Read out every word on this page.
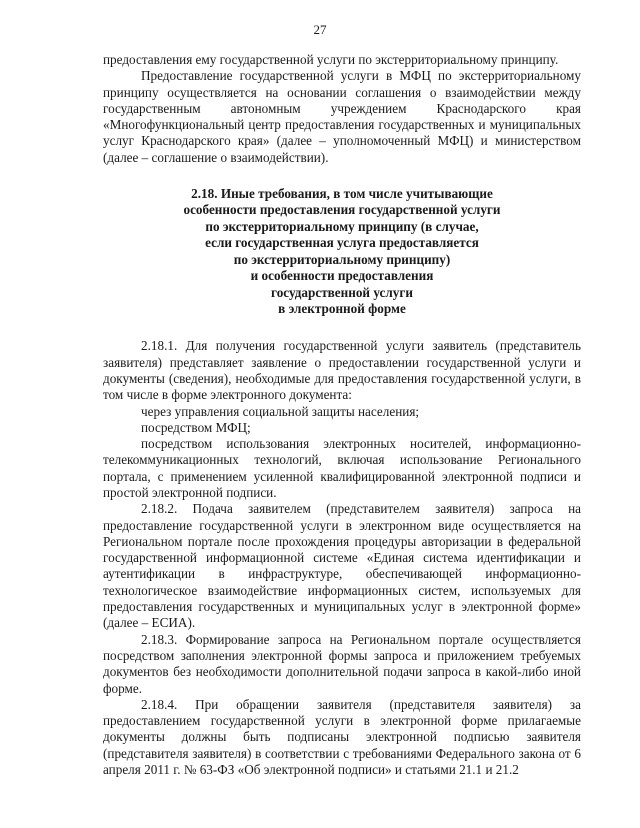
27

предоставления ему государственной услуги по экстерриториальному принципу.

Предоставление государственной услуги в МФЦ по экстерриториальному принципу осуществляется на основании соглашения о взаимодействии между государственным автономным учреждением Краснодарского края «Многофункциональный центр предоставления государственных и муниципальных услуг Краснодарского края» (далее – уполномоченный МФЦ) и министерством (далее – соглашение о взаимодействии).

2.18. Иные требования, в том числе учитывающие
особенности предоставления государственной услуги
по экстерриториальному принципу (в случае,
если государственная услуга предоставляется
по экстерриториальному принципу)
и особенности предоставления
государственной услуги
в электронной форме

2.18.1. Для получения государственной услуги заявитель (представитель заявителя) представляет заявление о предоставлении государственной услуги и документы (сведения), необходимые для предоставления государственной услуги, в том числе в форме электронного документа:

через управления социальной защиты населения;

посредством МФЦ;

посредством использования электронных носителей, информационно-телекоммуникационных технологий, включая использование Регионального портала, с применением усиленной квалифицированной электронной подписи и простой электронной подписи.

2.18.2. Подача заявителем (представителем заявителя) запроса на предоставление государственной услуги в электронном виде осуществляется на Региональном портале после прохождения процедуры авторизации в федеральной государственной информационной системе «Единая система идентификации и аутентификации в инфраструктуре, обеспечивающей информационно-технологическое взаимодействие информационных систем, используемых для предоставления государственных и муниципальных услуг в электронной форме» (далее – ЕСИА).

2.18.3. Формирование запроса на Региональном портале осуществляется посредством заполнения электронной формы запроса и приложением требуемых документов без необходимости дополнительной подачи запроса в какой-либо иной форме.

2.18.4. При обращении заявителя (представителя заявителя) за предоставлением государственной услуги в электронной форме прилагаемые документы должны быть подписаны электронной подписью заявителя (представителя заявителя) в соответствии с требованиями Федерального закона от 6 апреля 2011 г. № 63-ФЗ «Об электронной подписи» и статьями 21.1 и 21.2
